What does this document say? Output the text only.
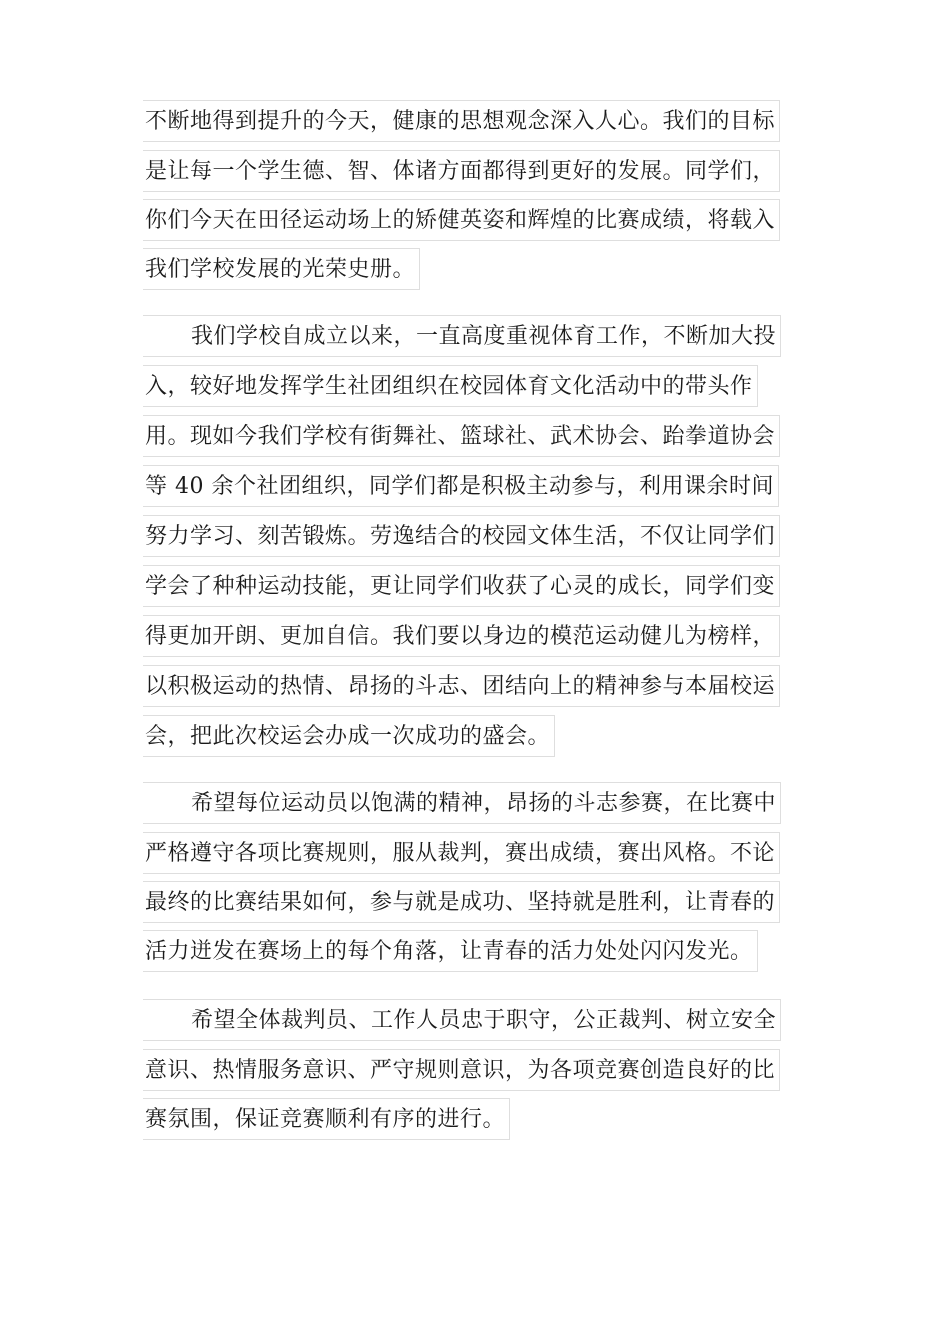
不断地得到提升的今天，健康的思想观念深入人心。我们的目标
是让每一个学生德、智、体诸方面都得到更好的发展。同学们，
你们今天在田径运动场上的矫健英姿和辉煌的比赛成绩，将载入
我们学校发展的光荣史册。
我们学校自成立以来，一直高度重视体育工作，不断加大投
入，较好地发挥学生社团组织在校园体育文化活动中的带头作
用。现如今我们学校有街舞社、篮球社、武术协会、跆拳道协会
等 40 余个社团组织，同学们都是积极主动参与，利用课余时间
努力学习、刻苦锻炼。劳逸结合的校园文体生活，不仅让同学们
学会了种种运动技能，更让同学们收获了心灵的成长，同学们变
得更加开朗、更加自信。我们要以身边的模范运动健儿为榜样，
以积极运动的热情、昂扬的斗志、团结向上的精神参与本届校运
会，把此次校运会办成一次成功的盛会。
希望每位运动员以饱满的精神，昂扬的斗志参赛，在比赛中
严格遵守各项比赛规则，服从裁判，赛出成绩，赛出风格。不论
最终的比赛结果如何，参与就是成功、坚持就是胜利，让青春的
活力迸发在赛场上的每个角落，让青春的活力处处闪闪发光。
希望全体裁判员、工作人员忠于职守，公正裁判、树立安全
意识、热情服务意识、严守规则意识，为各项竞赛创造良好的比
赛氛围，保证竞赛顺利有序的进行。
